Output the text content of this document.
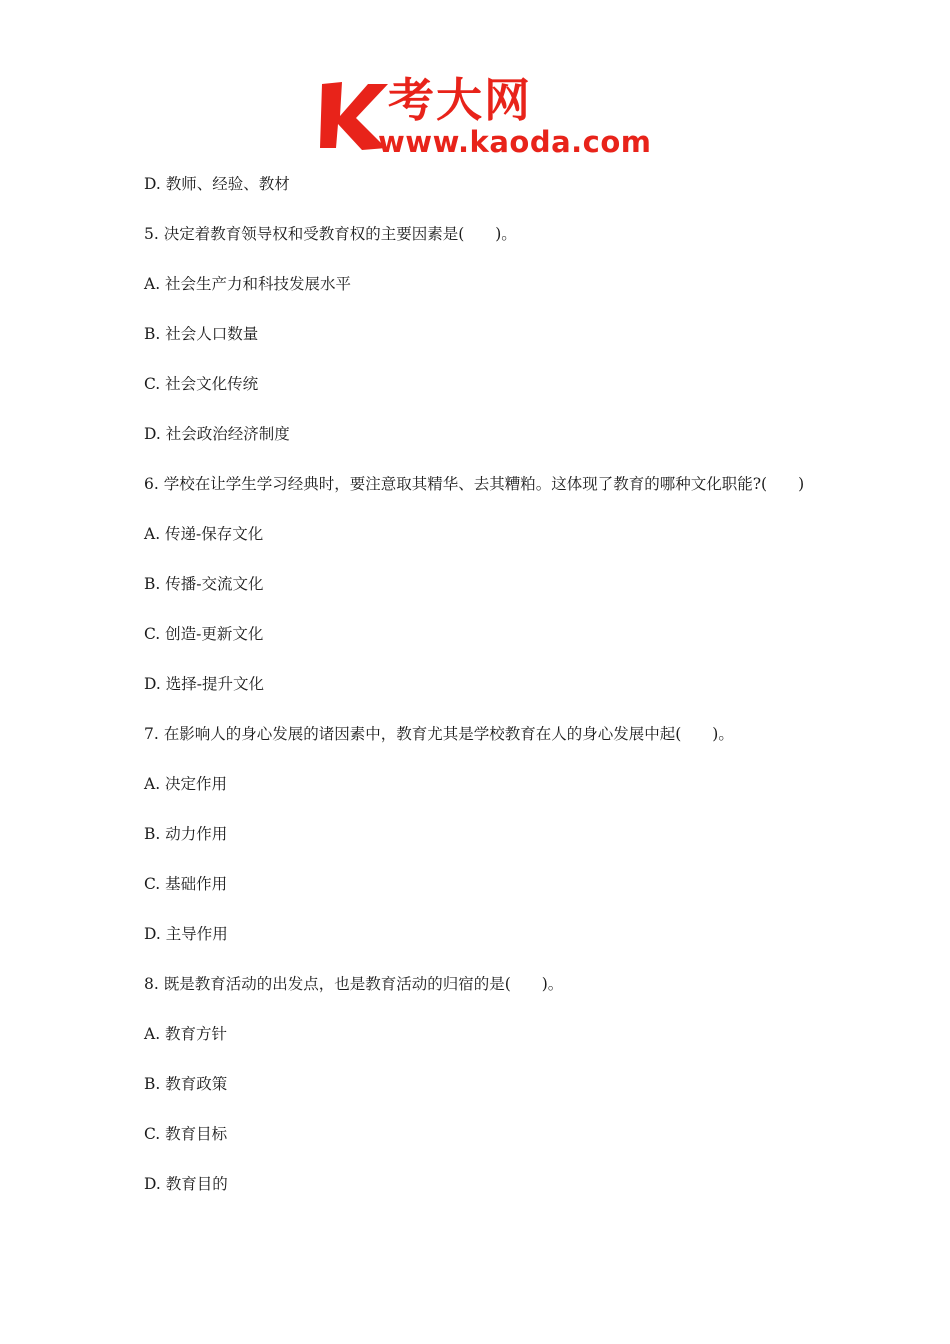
考大网
www.kaoda.com

D. 教师、经验、教材

5. 决定着教育领导权和受教育权的主要因素是(　　)。

A. 社会生产力和科技发展水平

B. 社会人口数量

C. 社会文化传统

D. 社会政治经济制度

6. 学校在让学生学习经典时，要注意取其精华、去其糟粕。这体现了教育的哪种文化职能?(　　)

A. 传递-保存文化

B. 传播-交流文化

C. 创造-更新文化

D. 选择-提升文化

7. 在影响人的身心发展的诸因素中，教育尤其是学校教育在人的身心发展中起(　　)。

A. 决定作用

B. 动力作用

C. 基础作用

D. 主导作用

8. 既是教育活动的出发点，也是教育活动的归宿的是(　　)。

A. 教育方针

B. 教育政策

C. 教育目标

D. 教育目的
